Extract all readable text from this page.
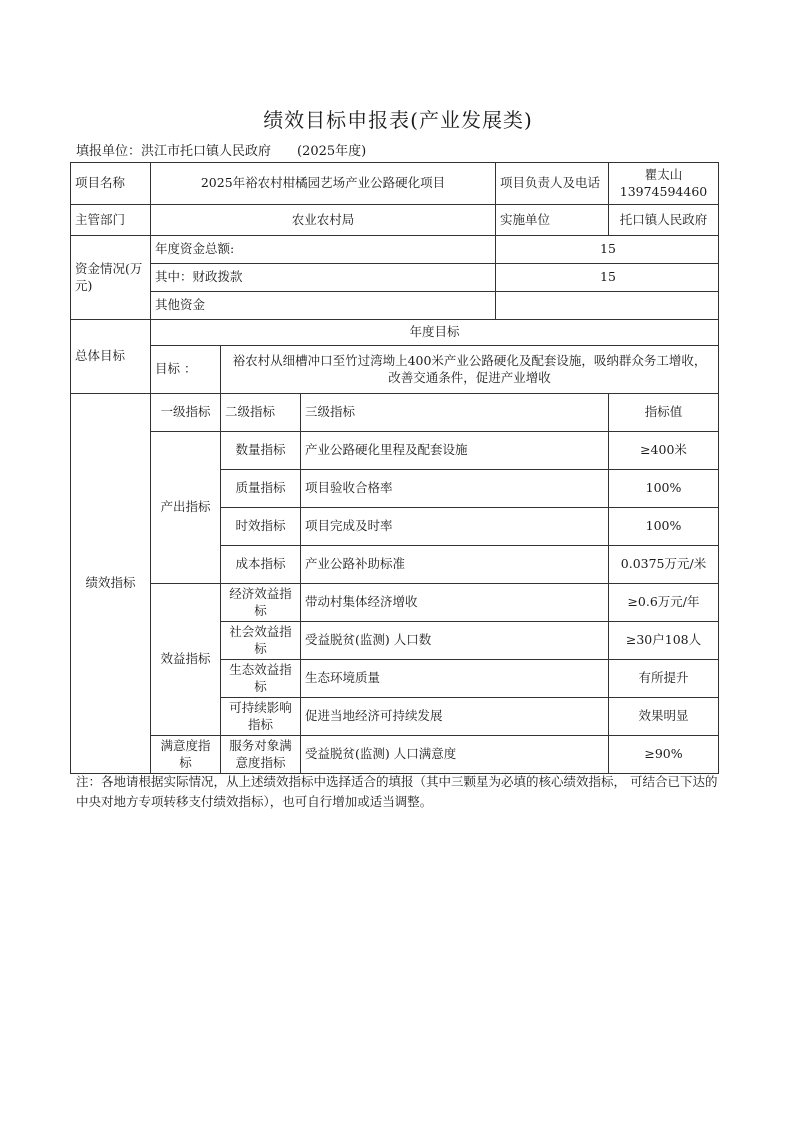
绩效目标申报表(产业发展类)
填报单位：洪江市托口镇人民政府 (2025年度)
项目名称	2025年裕农村柑橘园艺场产业公路硬化项目			项目负责人及电话	瞿太山
13974594460

主管部门	农业农村局			实施单位	托口镇人民政府
资金情况(万元)	年度资金总额:			15	
	其中：财政拨款			15	
	其他资金				
总体目标	年度目标				
	目标 ：	裕农村从细槽冲口至竹过湾坳上400米产业公路硬化及配套设施，吸纳群众务工增收，改善交通条件，促进产业增收			
绩效指标	一级指标	二级指标	三级指标		指标值
	产出指标	数量指标	产业公路硬化里程及配套设施		≥400米
		质量指标	项目验收合格率		100%
		时效指标	项目完成及时率		100%
		成本指标	产业公路补助标准		0.0375万元/米
	效益指标	经济效益指标	带动村集体经济增收		≥0.6万元/年
		社会效益指标	受益脱贫(监测) 人口数		≥30户108人
		生态效益指标	生态环境质量		有所提升
		可持续影响指标	促进当地经济可持续发展		效果明显
	满意度指标	服务对象满意度指标	受益脱贫(监测) 人口满意度		≥90%
注：各地请根据实际情况，从上述绩效指标中选择适合的填报（其中三颗星为必填的核心绩效指标， 可结合已下达的中央对地方专项转移支付绩效指标），也可自行增加或适当调整。
